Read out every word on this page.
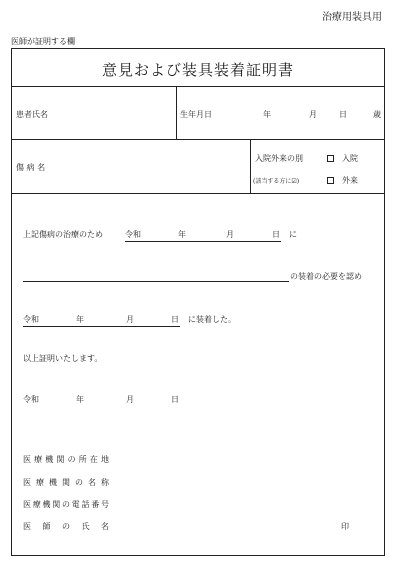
治療用装具用
医師が証明する欄
意見および装具装着証明書
患者氏名	生年月日	年	月	日	歳
傷 病 名
入院外来の別
(該当する方に☑)
入院
外来
上記傷病の治療のため	令和	年	月	日 に
の装着の必要を認め
令和	年	月	日 に装着した。
以上証明いたします。
令和	年	月	日
医療機関の所在地
医療機関の名称
医療機関の電話番号
医師の氏名	印
